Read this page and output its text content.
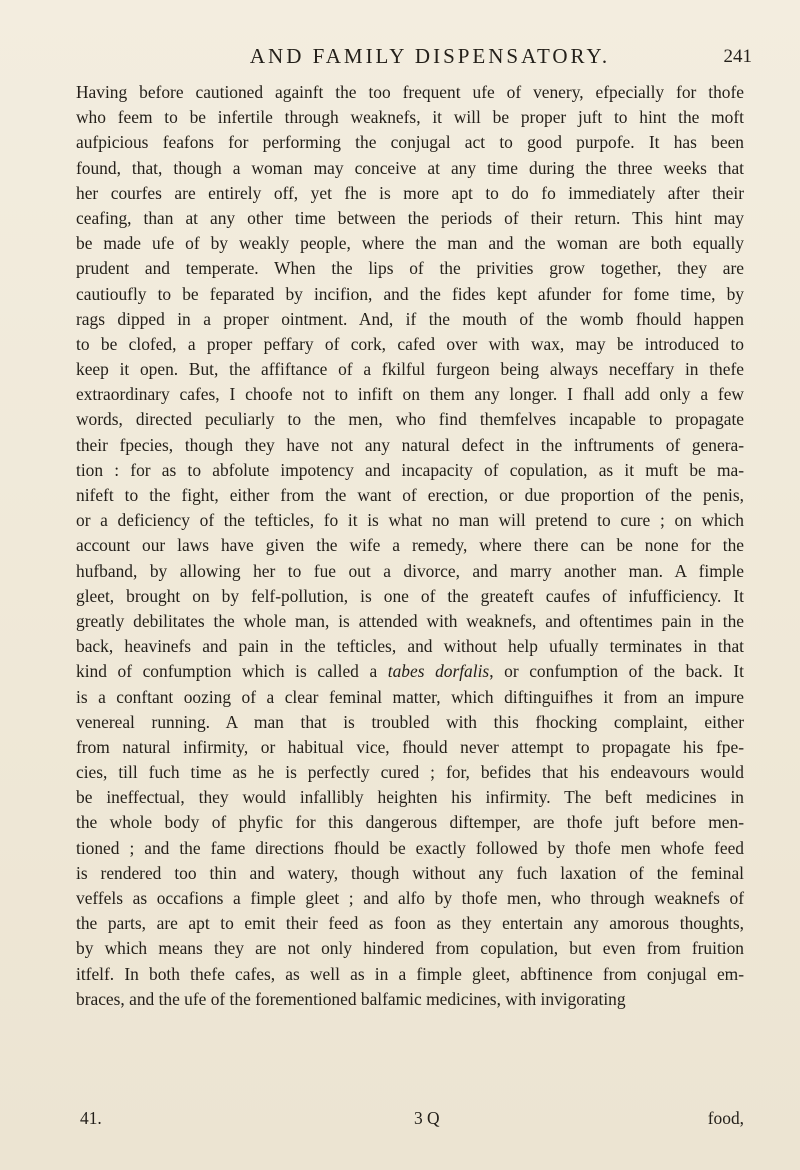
AND FAMILY DISPENSATORY.	241
Having before cautioned againft the too frequent ufe of venery, efpecially for thofe
who feem to be infertile through weaknefs, it will be proper juft to hint the moft
aufpicious feafons for performing the conjugal act to good purpofe. It has been
found, that, though a woman may conceive at any time during the three weeks that
her courfes are entirely off, yet fhe is more apt to do fo immediately after their
ceafing, than at any other time between the periods of their return. This hint may
be made ufe of by weakly people, where the man and the woman are both equally
prudent and temperate. When the lips of the privities grow together, they are
cautioufly to be feparated by incifion, and the fides kept afunder for fome time, by
rags dipped in a proper ointment. And, if the mouth of the womb fhould happen
to be clofed, a proper peffary of cork, cafed over with wax, may be introduced to
keep it open. But, the affiftance of a fkilful furgeon being always neceffary in thefe
extraordinary cafes, I choofe not to infift on them any longer. I fhall add only a few
words, directed peculiarly to the men, who find themfelves incapable to propagate
their fpecies, though they have not any natural defect in the inftruments of genera-
tion : for as to abfolute impotency and incapacity of copulation, as it muft be ma-
nifeft to the fight, either from the want of erection, or due proportion of the penis,
or a deficiency of the tefticles, fo it is what no man will pretend to cure ; on which
account our laws have given the wife a remedy, where there can be none for the
hufband, by allowing her to fue out a divorce, and marry another man. A fimple
gleet, brought on by felf-pollution, is one of the greateft caufes of infufficiency. It
greatly debilitates the whole man, is attended with weaknefs, and oftentimes pain in the
back, heavinefs and pain in the tefticles, and without help ufually terminates in that
kind of confumption which is called a tabes dorfalis, or confumption of the back. It
is a conftant oozing of a clear feminal matter, which diftinguifhes it from an impure
venereal running. A man that is troubled with this fhocking complaint, either
from natural infirmity, or habitual vice, fhould never attempt to propagate his fpe-
cies, till fuch time as he is perfectly cured ; for, befides that his endeavours would
be ineffectual, they would infallibly heighten his infirmity. The beft medicines in
the whole body of phyfic for this dangerous diftemper, are thofe juft before men-
tioned ; and the fame directions fhould be exactly followed by thofe men whofe feed
is rendered too thin and watery, though without any fuch laxation of the feminal
veffels as occafions a fimple gleet ; and alfo by thofe men, who through weaknefs of
the parts, are apt to emit their feed as foon as they entertain any amorous thoughts,
by which means they are not only hindered from copulation, but even from fruition
itfelf. In both thefe cafes, as well as in a fimple gleet, abftinence from conjugal em-
braces, and the ufe of the forementioned balfamic medicines, with invigorating
41.	3 Q	food,
